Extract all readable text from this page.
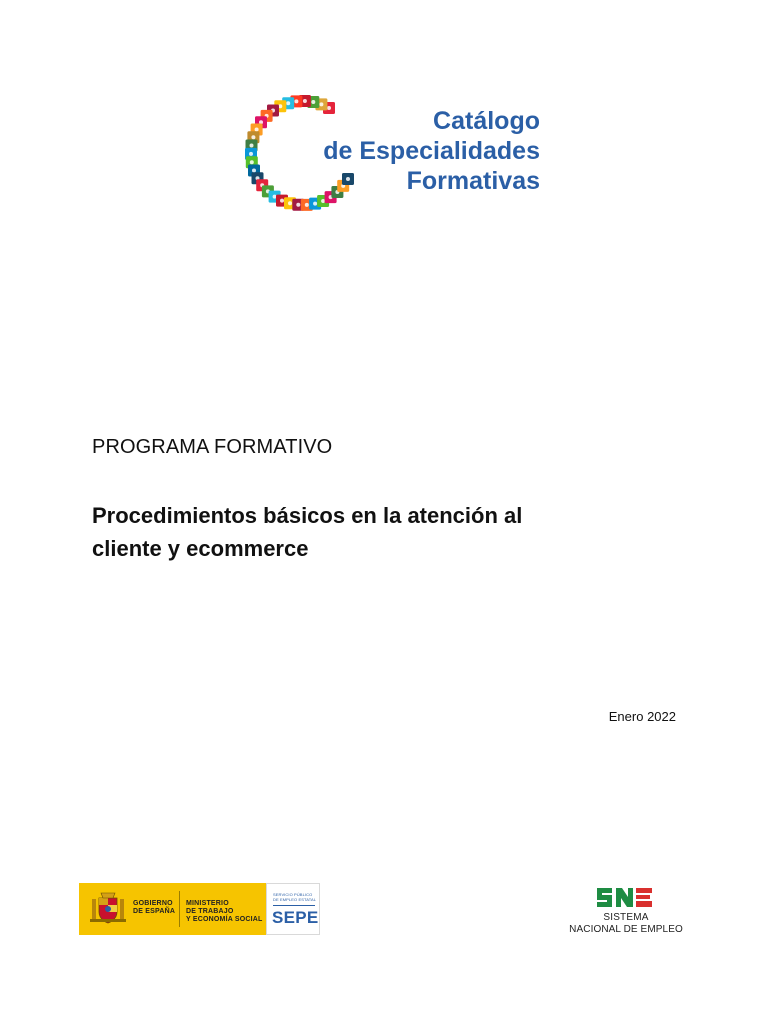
Catálogo
de Especialidades
Formativas
PROGRAMA FORMATIVO
Procedimientos básicos en la atención al
cliente y ecommerce
Enero 2022
GOBIERNO
DE ESPAÑA
MINISTERIO
DE TRABAJO
Y ECONOMÍA SOCIAL
SERVICIO PÚBLICO
DE EMPLEO ESTATAL
SEPE	SISTEMA
NACIONAL DE EMPLEO
